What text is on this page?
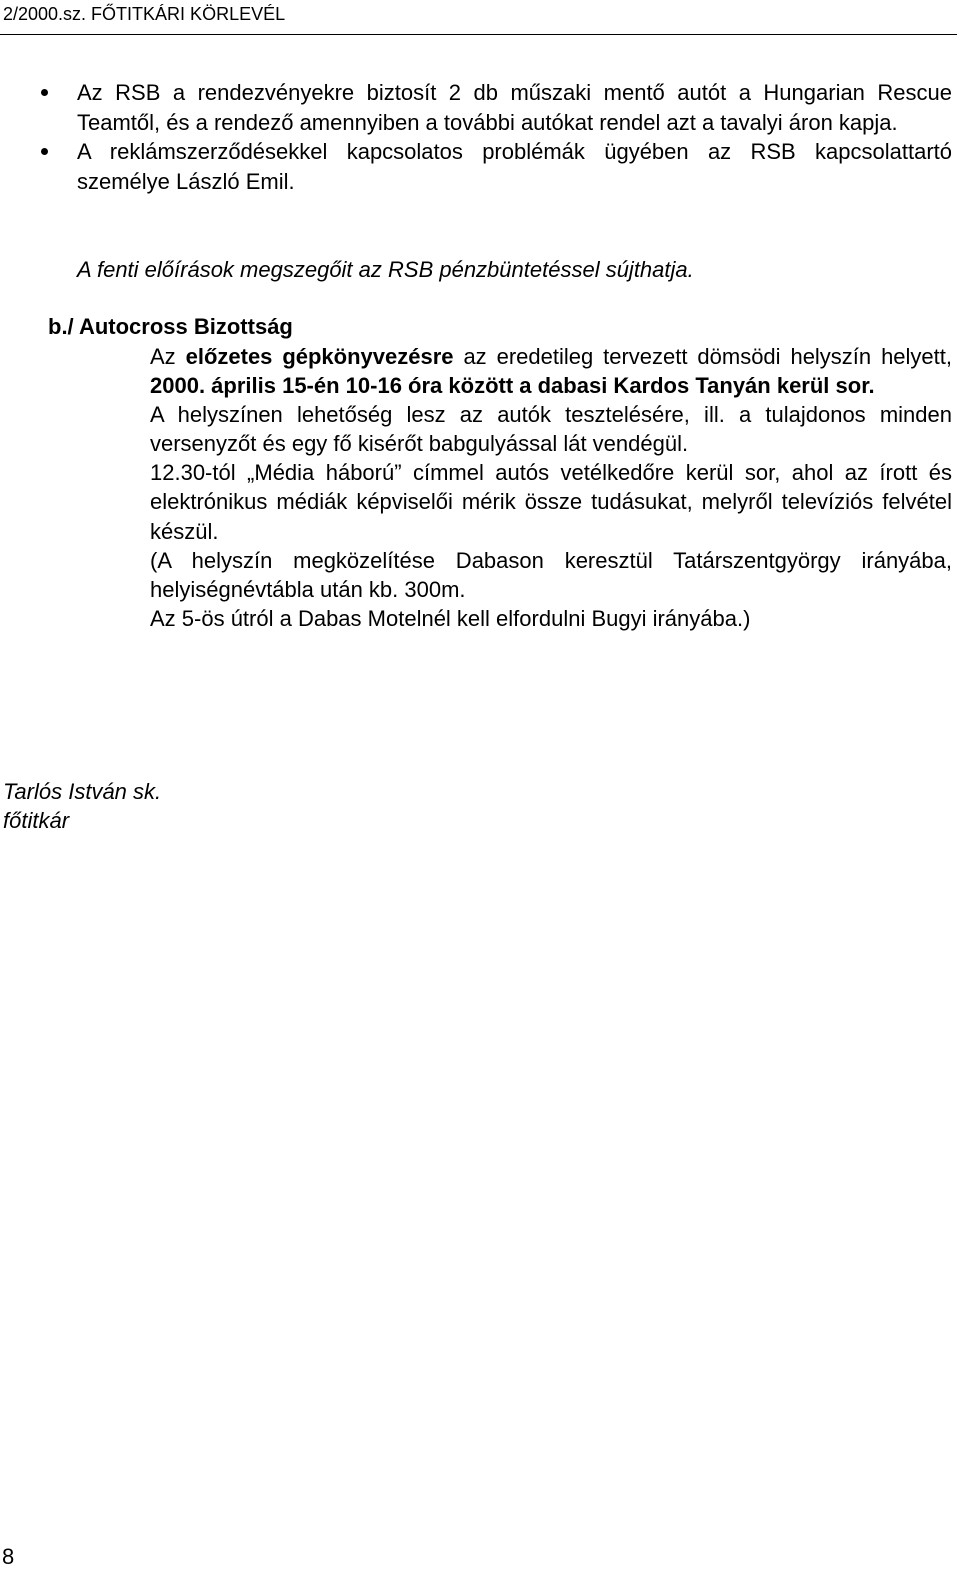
2/2000.sz. FŐTITKÁRI KÖRLEVÉL
Az RSB a rendezvényekre biztosít 2 db műszaki mentő autót a Hungarian Rescue Teamtől, és a rendező amennyiben a további autókat rendel azt a tavalyi áron kapja.
A reklámszerződésekkel kapcsolatos problémák ügyében az RSB kapcsolattartó személye László Emil.
A fenti előírások megszegőit az RSB pénzbüntetéssel sújthatja.
b./ Autocross Bizottság

Az előzetes gépkönyvezésre az eredetileg tervezett dömsödi helyszín helyett, 2000. április 15-én 10-16 óra között a dabasi Kardos Tanyán kerül sor.

A helyszínen lehetőség lesz az autók tesztelésére, ill. a tulajdonos minden versenyzőt és egy fő kisérőt babgulyással lát vendégül.

12.30-tól „Média háború” címmel autós vetélkedőre kerül sor, ahol az írott és elektrónikus médiák képviselői mérik össze tudásukat, melyről televíziós felvétel készül.

(A helyszín megközelítése Dabason keresztül Tatárszentgyörgy irányába, helyiségnévtábla után kb. 300m.

Az 5-ös útról a Dabas Motelnél kell elfordulni Bugyi irányába.)

Tarlós István sk.
főtitkár
8
